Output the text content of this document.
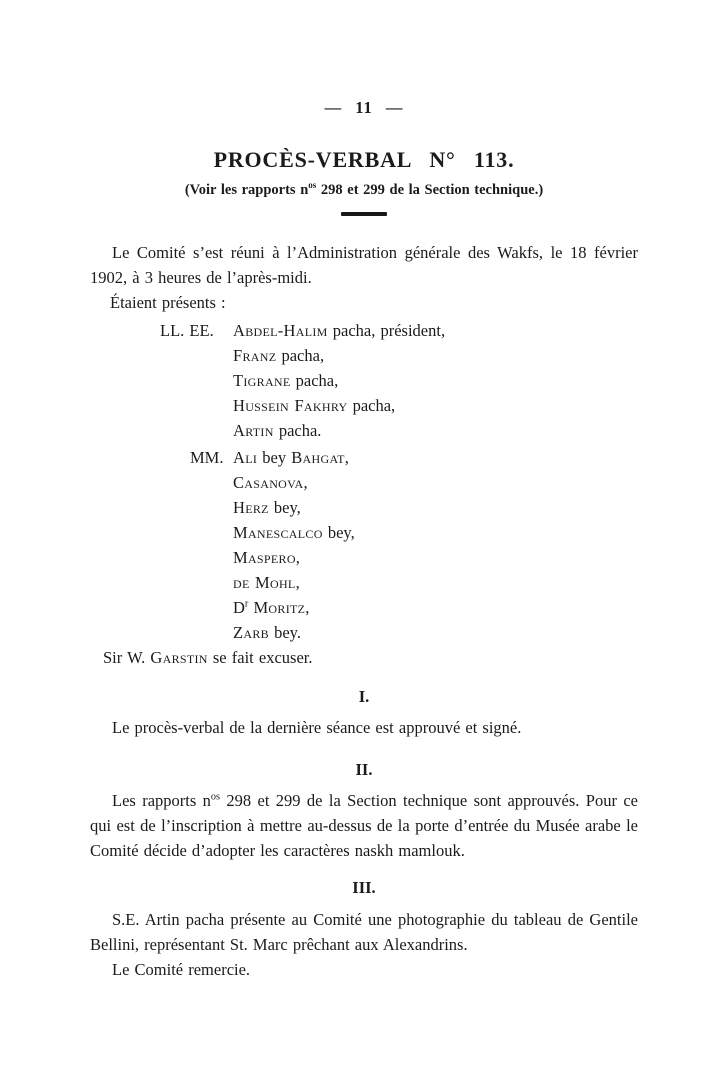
— 11 —
PROCÈS-VERBAL N° 113.
(Voir les rapports $n^{os}$ 298 et 299 de la Section technique.)

Le Comité s’est réuni à l’Administration générale des Wakfs, le 18 février 1902, à 3 heures de l’après-midi.

Étaient présents :
LL. EE. Abdel-Halim pacha, président,
Franz pacha,
Tigrane pacha,
Hussein Fakhry pacha,
Artin pacha.
MM. Ali bey Bahgat,
Casanova,
Herz bey,
Manescalco bey,
Maspero,
de Mohl,
$D^r$ Moritz,
Zarb bey.
Sir W. Garstin se fait excuser.
I.

Le procès-verbal de la dernière séance est approuvé et signé.

II.

Les rapports $n^{os}$ 298 et 299 de la Section technique sont approuvés. Pour ce qui est de l’inscription à mettre au-dessus de la porte d’entrée du Musée arabe le Comité décide d’adopter les caractères naskh mamlouk.

III.

S.E. Artin pacha présente au Comité une photographie du tableau de Gentile Bellini, représentant St. Marc prêchant aux Alexandrins.

Le Comité remercie.
